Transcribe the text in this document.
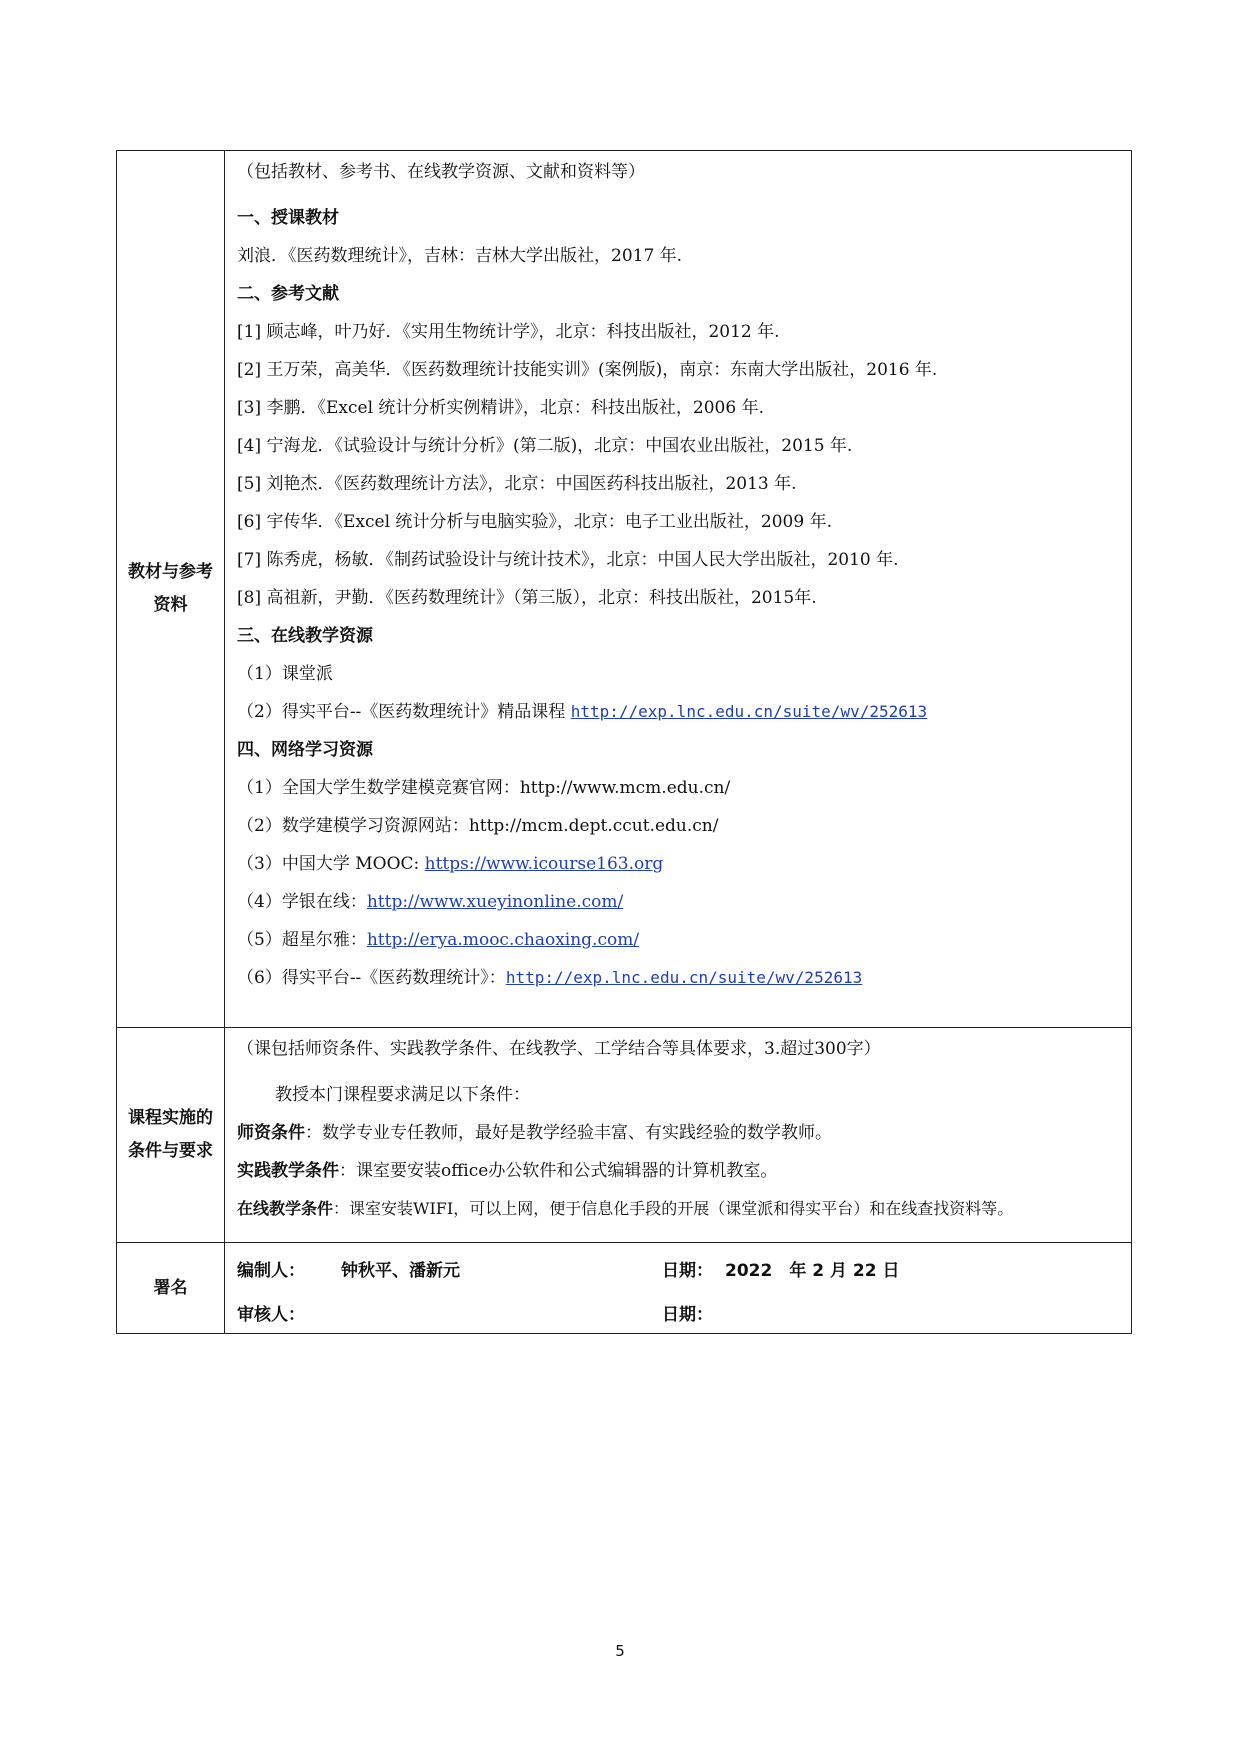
教材与参考资料
（包括教材、参考书、在线教学资源、文献和资料等）
一、授课教材
刘浪．《医药数理统计》，吉林：吉林大学出版社，2017 年.
二、参考文献
[1] 顾志峰，叶乃好．《实用生物统计学》，北京：科技出版社，2012 年.
[2] 王万荣，高美华．《医药数理统计技能实训》(案例版)，南京：东南大学出版社，2016 年.
[3] 李鹏．《Excel 统计分析实例精讲》，北京：科技出版社，2006 年.
[4] 宁海龙．《试验设计与统计分析》(第二版)，北京：中国农业出版社，2015 年.
[5] 刘艳杰．《医药数理统计方法》，北京：中国医药科技出版社，2013 年.
[6] 宇传华．《Excel 统计分析与电脑实验》，北京：电子工业出版社，2009 年.
[7] 陈秀虎，杨敏．《制药试验设计与统计技术》，北京：中国人民大学出版社，2010 年.
[8] 高祖新，尹勤．《医药数理统计》（第三版），北京：科技出版社，2015年.
三、在线教学资源
（1）课堂派
（2）得实平台--《医药数理统计》精品课程 http://exp.lnc.edu.cn/suite/wv/252613
四、网络学习资源
（1）全国大学生数学建模竞赛官网：http://www.mcm.edu.cn/
（2）数学建模学习资源网站：http://mcm.dept.ccut.edu.cn/
（3）中国大学 MOOC: https://www.icourse163.org
（4）学银在线：http://www.xueyinonline.com/
（5）超星尔雅：http://erya.mooc.chaoxing.com/
（6）得实平台--《医药数理统计》：http://exp.lnc.edu.cn/suite/wv/252613
课程实施的条件与要求
（课包括师资条件、实践教学条件、在线教学、工学结合等具体要求，3.超过300字）
教授本门课程要求满足以下条件：
师资条件：数学专业专任教师，最好是教学经验丰富、有实践经验的数学教师。
实践教学条件：课室要安装office办公软件和公式编辑器的计算机教室。
在线教学条件：课室安装WIFI，可以上网，便于信息化手段的开展（课堂派和得实平台）和在线查找资料等。
署名
编制人： 钟秋平、潘新元	日期： 2022　年 2 月 22 日
审核人：	日期：
5
